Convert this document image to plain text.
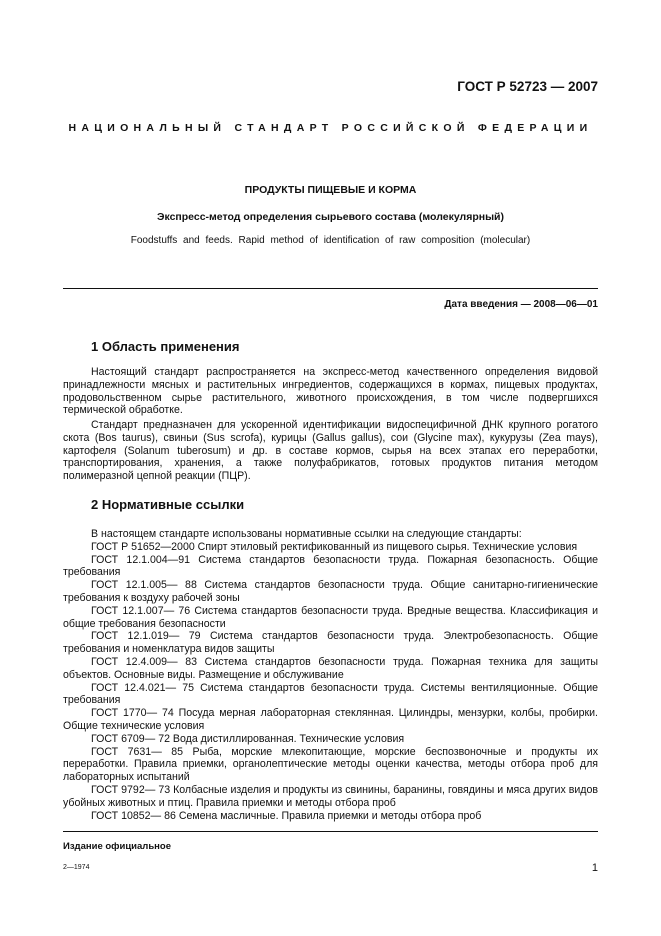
ГОСТ Р 52723 — 2007
НАЦИОНАЛЬНЫЙ СТАНДАРТ РОССИЙСКОЙ ФЕДЕРАЦИИ
ПРОДУКТЫ ПИЩЕВЫЕ И КОРМА
Экспресс-метод определения сырьевого состава (молекулярный)
Foodstuffs and feeds. Rapid method of identification of raw composition (molecular)
Дата введения — 2008—06—01
1 Область применения
Настоящий стандарт распространяется на экспресс-метод качественного определения видовой принадлежности мясных и растительных ингредиентов, содержащихся в кормах, пищевых продуктах, продовольственном сырье растительного, животного происхождения, в том числе подвергшихся термической обработке.
Стандарт предназначен для ускоренной идентификации видоспецифичной ДНК крупного рогатого скота (Bos taurus), свиньи (Sus scrofa), курицы (Gallus gallus), сои (Glycine max), кукурузы (Zea mays), картофеля (Solanum tuberosum) и др. в составе кормов, сырья на всех этапах его переработки, транспортирования, хранения, а также полуфабрикатов, готовых продуктов питания методом полимеразной цепной реакции (ПЦР).
2 Нормативные ссылки

В настоящем стандарте использованы нормативные ссылки на следующие стандарты:

ГОСТ Р 51652—2000 Спирт этиловый ректификованный из пищевого сырья. Технические условия

ГОСТ 12.1.004—91 Система стандартов безопасности труда. Пожарная безопасность. Общие требования

ГОСТ 12.1.005— 88 Система стандартов безопасности труда. Общие санитарно-гигиенические требования к воздуху рабочей зоны

ГОСТ 12.1.007— 76 Система стандартов безопасности труда. Вредные вещества. Классификация и общие требования безопасности

ГОСТ 12.1.019— 79 Система стандартов безопасности труда. Электробезопасность. Общие требования и номенклатура видов защиты

ГОСТ 12.4.009— 83 Система стандартов безопасности труда. Пожарная техника для защиты объектов. Основные виды. Размещение и обслуживание

ГОСТ 12.4.021— 75 Система стандартов безопасности труда. Системы вентиляционные. Общие требования

ГОСТ 1770— 74 Посуда мерная лабораторная стеклянная. Цилиндры, мензурки, колбы, пробирки. Общие технические условия

ГОСТ 6709— 72 Вода дистиллированная. Технические условия

ГОСТ 7631— 85 Рыба, морские млекопитающие, морские беспозвоночные и продукты их переработки. Правила приемки, органолептические методы оценки качества, методы отбора проб для лабораторных испытаний

ГОСТ 9792— 73 Колбасные изделия и продукты из свинины, баранины, говядины и мяса других видов убойных животных и птиц. Правила приемки и методы отбора проб

ГОСТ 10852— 86 Семена масличные. Правила приемки и методы отбора проб

Издание официальное
2—1974	1
